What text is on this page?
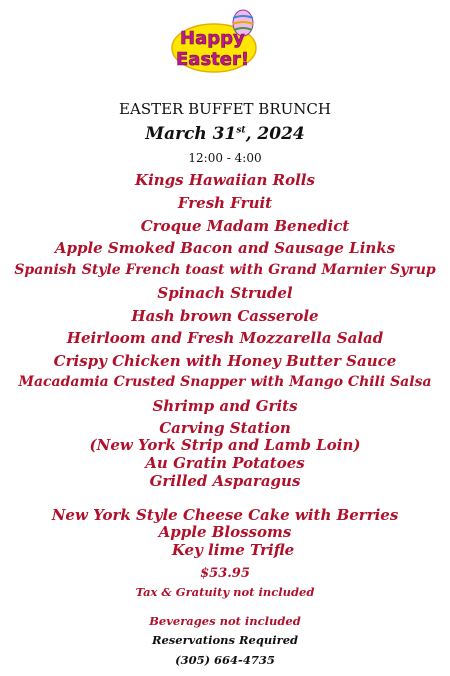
Happy
Easter!
EASTER BUFFET BRUNCH
March 31st, 2024
12:00 - 4:00
Kings Hawaiian Rolls
Fresh Fruit
Croque Madam Benedict
Apple Smoked Bacon and Sausage Links
Spanish Style French toast with Grand Marnier Syrup
Spinach Strudel
Hash brown Casserole
Heirloom and Fresh Mozzarella Salad
Crispy Chicken with Honey Butter Sauce
Macadamia Crusted Snapper with Mango Chili Salsa
Shrimp and Grits
Carving Station
(New York Strip and Lamb Loin)
Au Gratin Potatoes
Grilled Asparagus
New York Style Cheese Cake with Berries
Apple Blossoms
Key lime Trifle
$53.95
Tax & Gratuity not included
Beverages not included
Reservations Required
(305) 664-4735
